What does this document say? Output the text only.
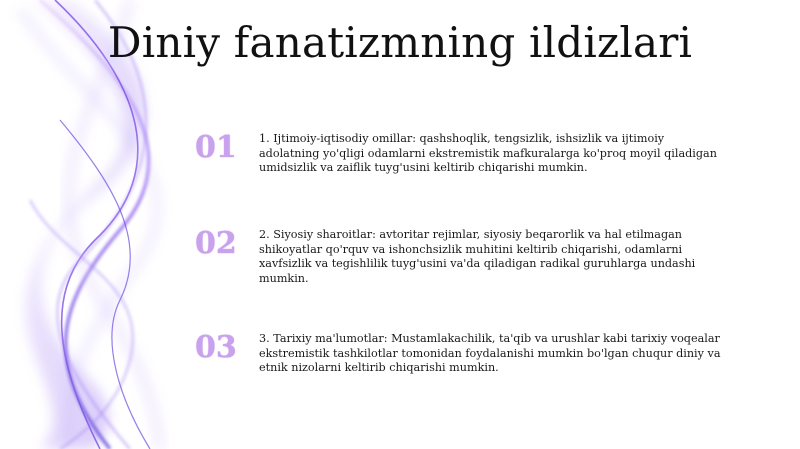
Diniy fanatizmning ildizlari
01	1. Ijtimoiy-iqtisodiy omillar: qashshoqlik, tengsizlik, ishsizlik va ijtimoiy adolatning yo'qligi odamlarni ekstremistik mafkuralarga ko'proq moyil qiladigan umidsizlik va zaiflik tuyg'usini keltirib chiqarishi mumkin.
02	2. Siyosiy sharoitlar: avtoritar rejimlar, siyosiy beqarorlik va hal etilmagan shikoyatlar qo'rquv va ishonchsizlik muhitini keltirib chiqarishi, odamlarni xavfsizlik va tegishlilik tuyg'usini va'da qiladigan radikal guruhlarga undashi mumkin.
03	3. Tarixiy ma'lumotlar: Mustamlakachilik, ta'qib va urushlar kabi tarixiy voqealar ekstremistik tashkilotlar tomonidan foydalanishi mumkin bo'lgan chuqur diniy va etnik nizolarni keltirib chiqarishi mumkin.
